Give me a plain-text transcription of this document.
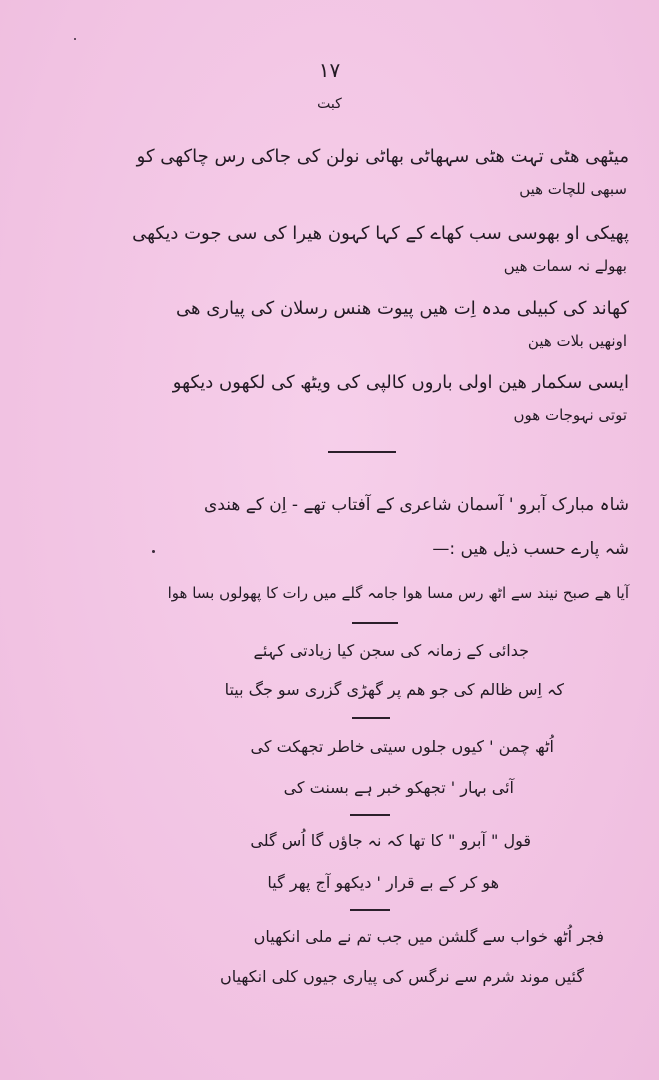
۱۷
کبت
میٹھی ھٹی تہت ھٹی سہھاٹی بھاٹی نولن کی جاکی رس چاکھی کو
سبھی للچات ھیں
پھیکی او بھوسی سب کھاے کے کہا کہون ھیرا کی سی جوت دیکھی
بھولے نہ سمات ھیں
کھاند کی کبیلی مدہ اِت ھیں پیوت ھنس رسلان کی پیاری ھی
اونھیں بلات ھین
ایسی سکمار ھین اولی باروں کالپی کی ویٹھ کی لکھوں دیکھو
توتی نہوجات ھوں
شاہ مبارک آبرو ' آسمان شاعری کے آفتاب تھے - اِن کے ھندی
شہ پارے حسب ذیل ھیں :—
آیا ھے صبح نیند سے اٹھ رس مسا ھوا جامہ گلے میں رات کا پھولوں بسا ھوا
جدائی کے زمانہ کی سجن کیا زیادتی کہئے
کہ اِس ظالم کی جو ھم پر گھڑی گزری سو جگ بیتا
اُٹھ چمن ' کیوں جلوں سیتی خاطر تجھکت کی
آئی بہار ' تجھکو خبر ہے بسنت کی
قول " آبرو " کا تھا کہ نہ جاؤں گا اُس گلی
ھو کر کے بے قرار ' دیکھو آج پھر گیا
فجر اُٹھ خواب سے گلشن میں جب تم نے ملی انکھیاں
گئیں موند شرم سے نرگس کی پیاری جیوں کلی انکھیاں
